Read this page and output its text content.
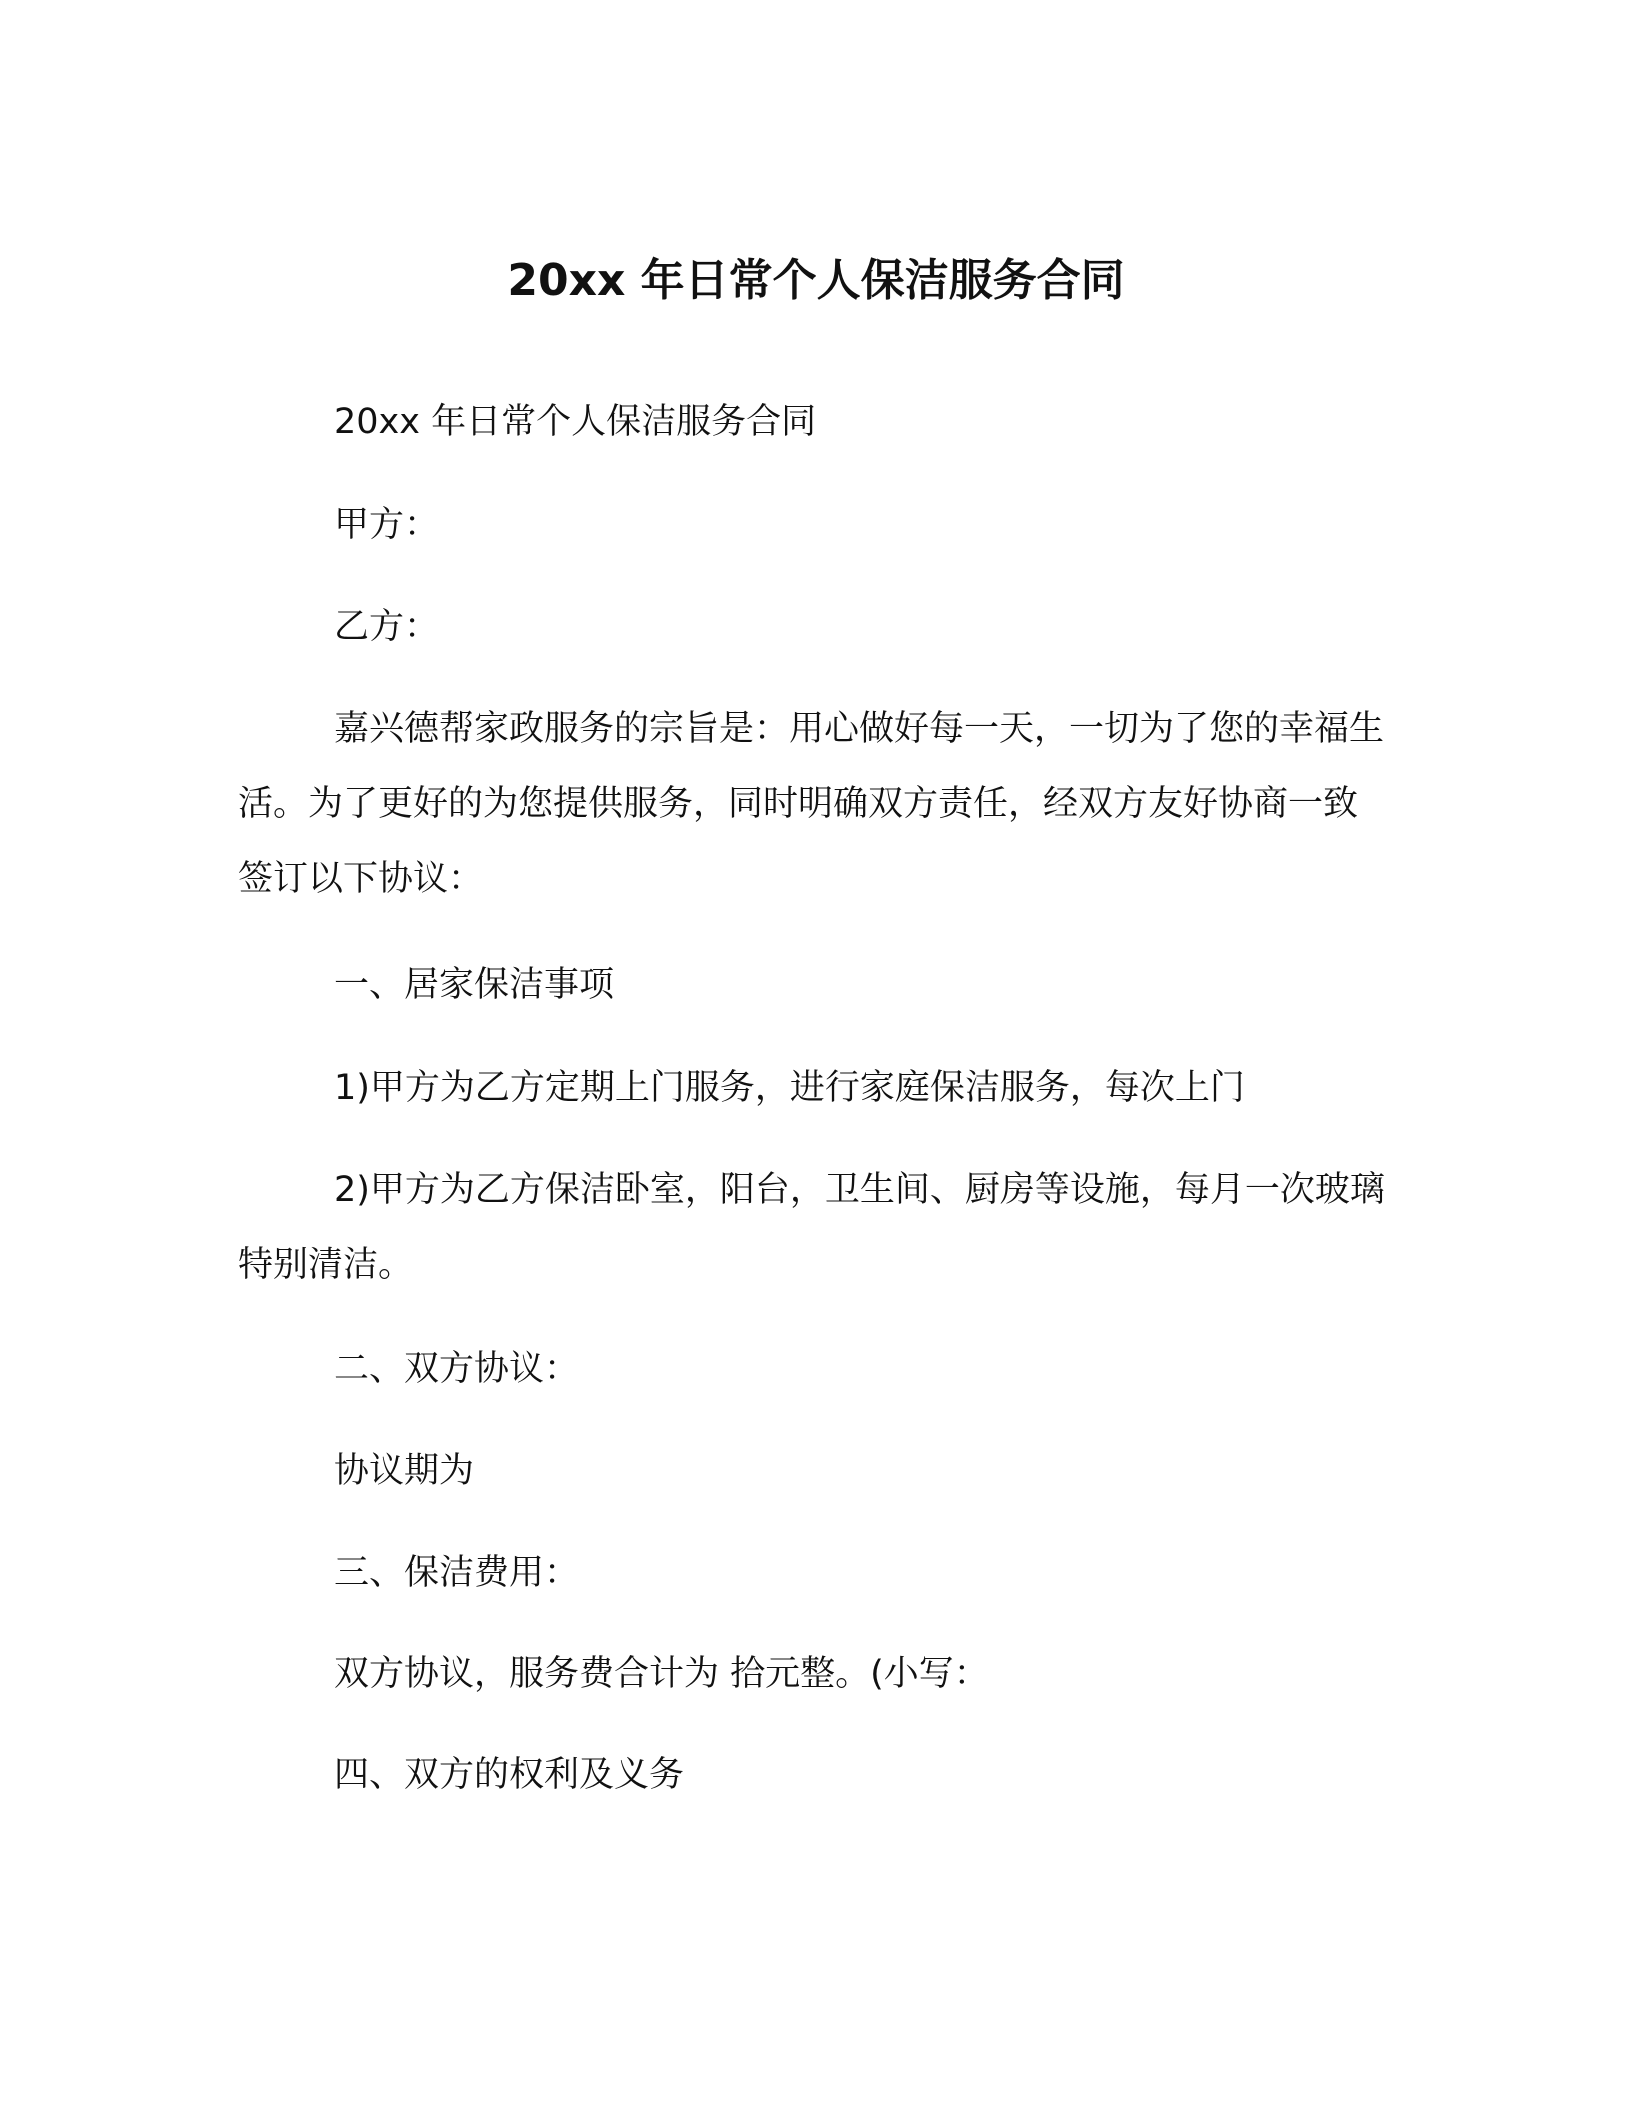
20xx 年日常个人保洁服务合同

20xx 年日常个人保洁服务合同

甲方：

乙方：

嘉兴德帮家政服务的宗旨是：用心做好每一天，一切为了您的幸福生活。为了更好的为您提供服务，同时明确双方责任，经双方友好协商一致签订以下协议：

一、居家保洁事项

1)甲方为乙方定期上门服务，进行家庭保洁服务，每次上门

2)甲方为乙方保洁卧室，阳台，卫生间、厨房等设施，每月一次玻璃特别清洁。

二、双方协议：

协议期为

三、保洁费用：

双方协议，服务费合计为 拾元整。(小写：

四、双方的权利及义务
